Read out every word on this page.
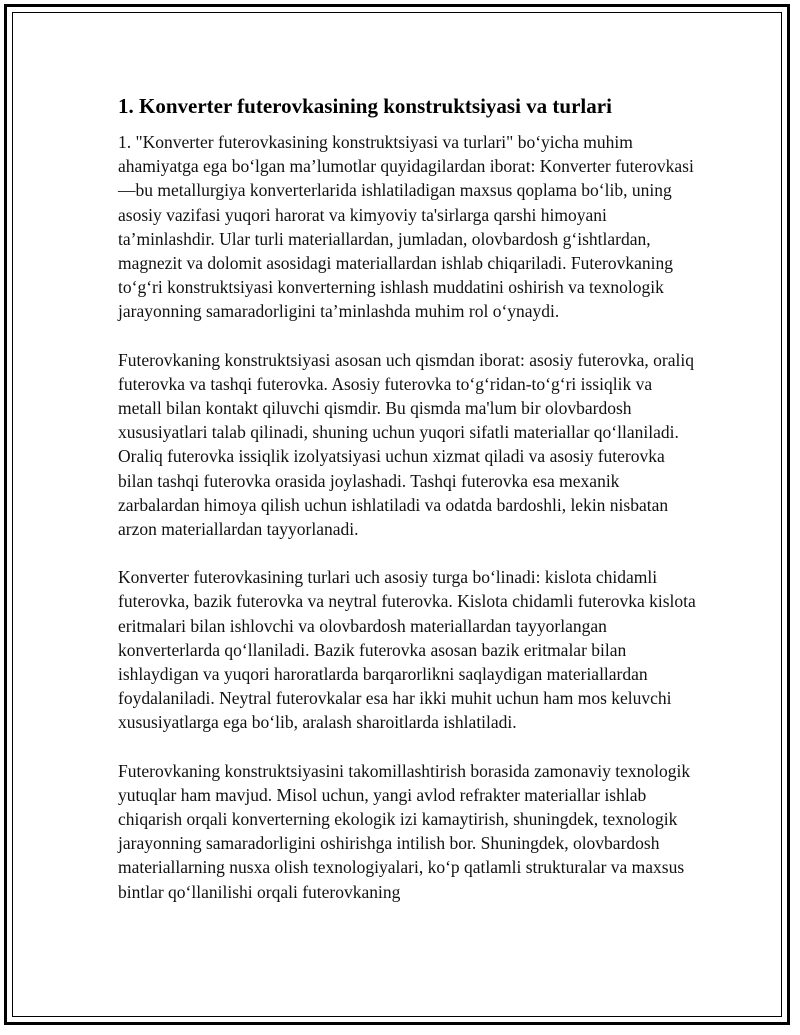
1. Konverter futerovkasining konstruktsiyasi va turlari

1. "Konverter futerovkasining konstruktsiyasi va turlari" bo‘yicha muhim ahamiyatga ega bo‘lgan ma’lumotlar quyidagilardan iborat: Konverter futerovkasi—bu metallurgiya konverterlarida ishlatiladigan maxsus qoplama bo‘lib, uning asosiy vazifasi yuqori harorat va kimyoviy ta'sirlarga qarshi himoyani ta’minlashdir. Ular turli materiallardan, jumladan, olovbardosh g‘ishtlardan, magnezit va dolomit asosidagi materiallardan ishlab chiqariladi. Futerovkaning to‘g‘ri konstruktsiyasi konverterning ishlash muddatini oshirish va texnologik jarayonning samaradorligini ta’minlashda muhim rol o‘ynaydi.

Futerovkaning konstruktsiyasi asosan uch qismdan iborat: asosiy futerovka, oraliq futerovka va tashqi futerovka. Asosiy futerovka to‘g‘ridan-to‘g‘ri issiqlik va metall bilan kontakt qiluvchi qismdir. Bu qismda ma'lum bir olovbardosh xususiyatlari talab qilinadi, shuning uchun yuqori sifatli materiallar qo‘llaniladi. Oraliq futerovka issiqlik izolyatsiyasi uchun xizmat qiladi va asosiy futerovka bilan tashqi futerovka orasida joylashadi. Tashqi futerovka esa mexanik zarbalardan himoya qilish uchun ishlatiladi va odatda bardoshli, lekin nisbatan arzon materiallardan tayyorlanadi.

Konverter futerovkasining turlari uch asosiy turga bo‘linadi: kislota chidamli futerovka, bazik futerovka va neytral futerovka. Kislota chidamli futerovka kislota eritmalari bilan ishlovchi va olovbardosh materiallardan tayyorlangan konverterlarda qo‘llaniladi. Bazik futerovka asosan bazik eritmalar bilan ishlaydigan va yuqori haroratlarda barqarorlikni saqlaydigan materiallardan foydalaniladi. Neytral futerovkalar esa har ikki muhit uchun ham mos keluvchi xususiyatlarga ega bo‘lib, aralash sharoitlarda ishlatiladi.

Futerovkaning konstruktsiyasini takomillashtirish borasida zamonaviy texnologik yutuqlar ham mavjud. Misol uchun, yangi avlod refrakter materiallar ishlab chiqarish orqali konverterning ekologik izi kamaytirish, shuningdek, texnologik jarayonning samaradorligini oshirishga intilish bor. Shuningdek, olovbardosh materiallarning nusxa olish texnologiyalari, ko‘p qatlamli strukturalar va maxsus bintlar qo‘llanilishi orqali futerovkaning
